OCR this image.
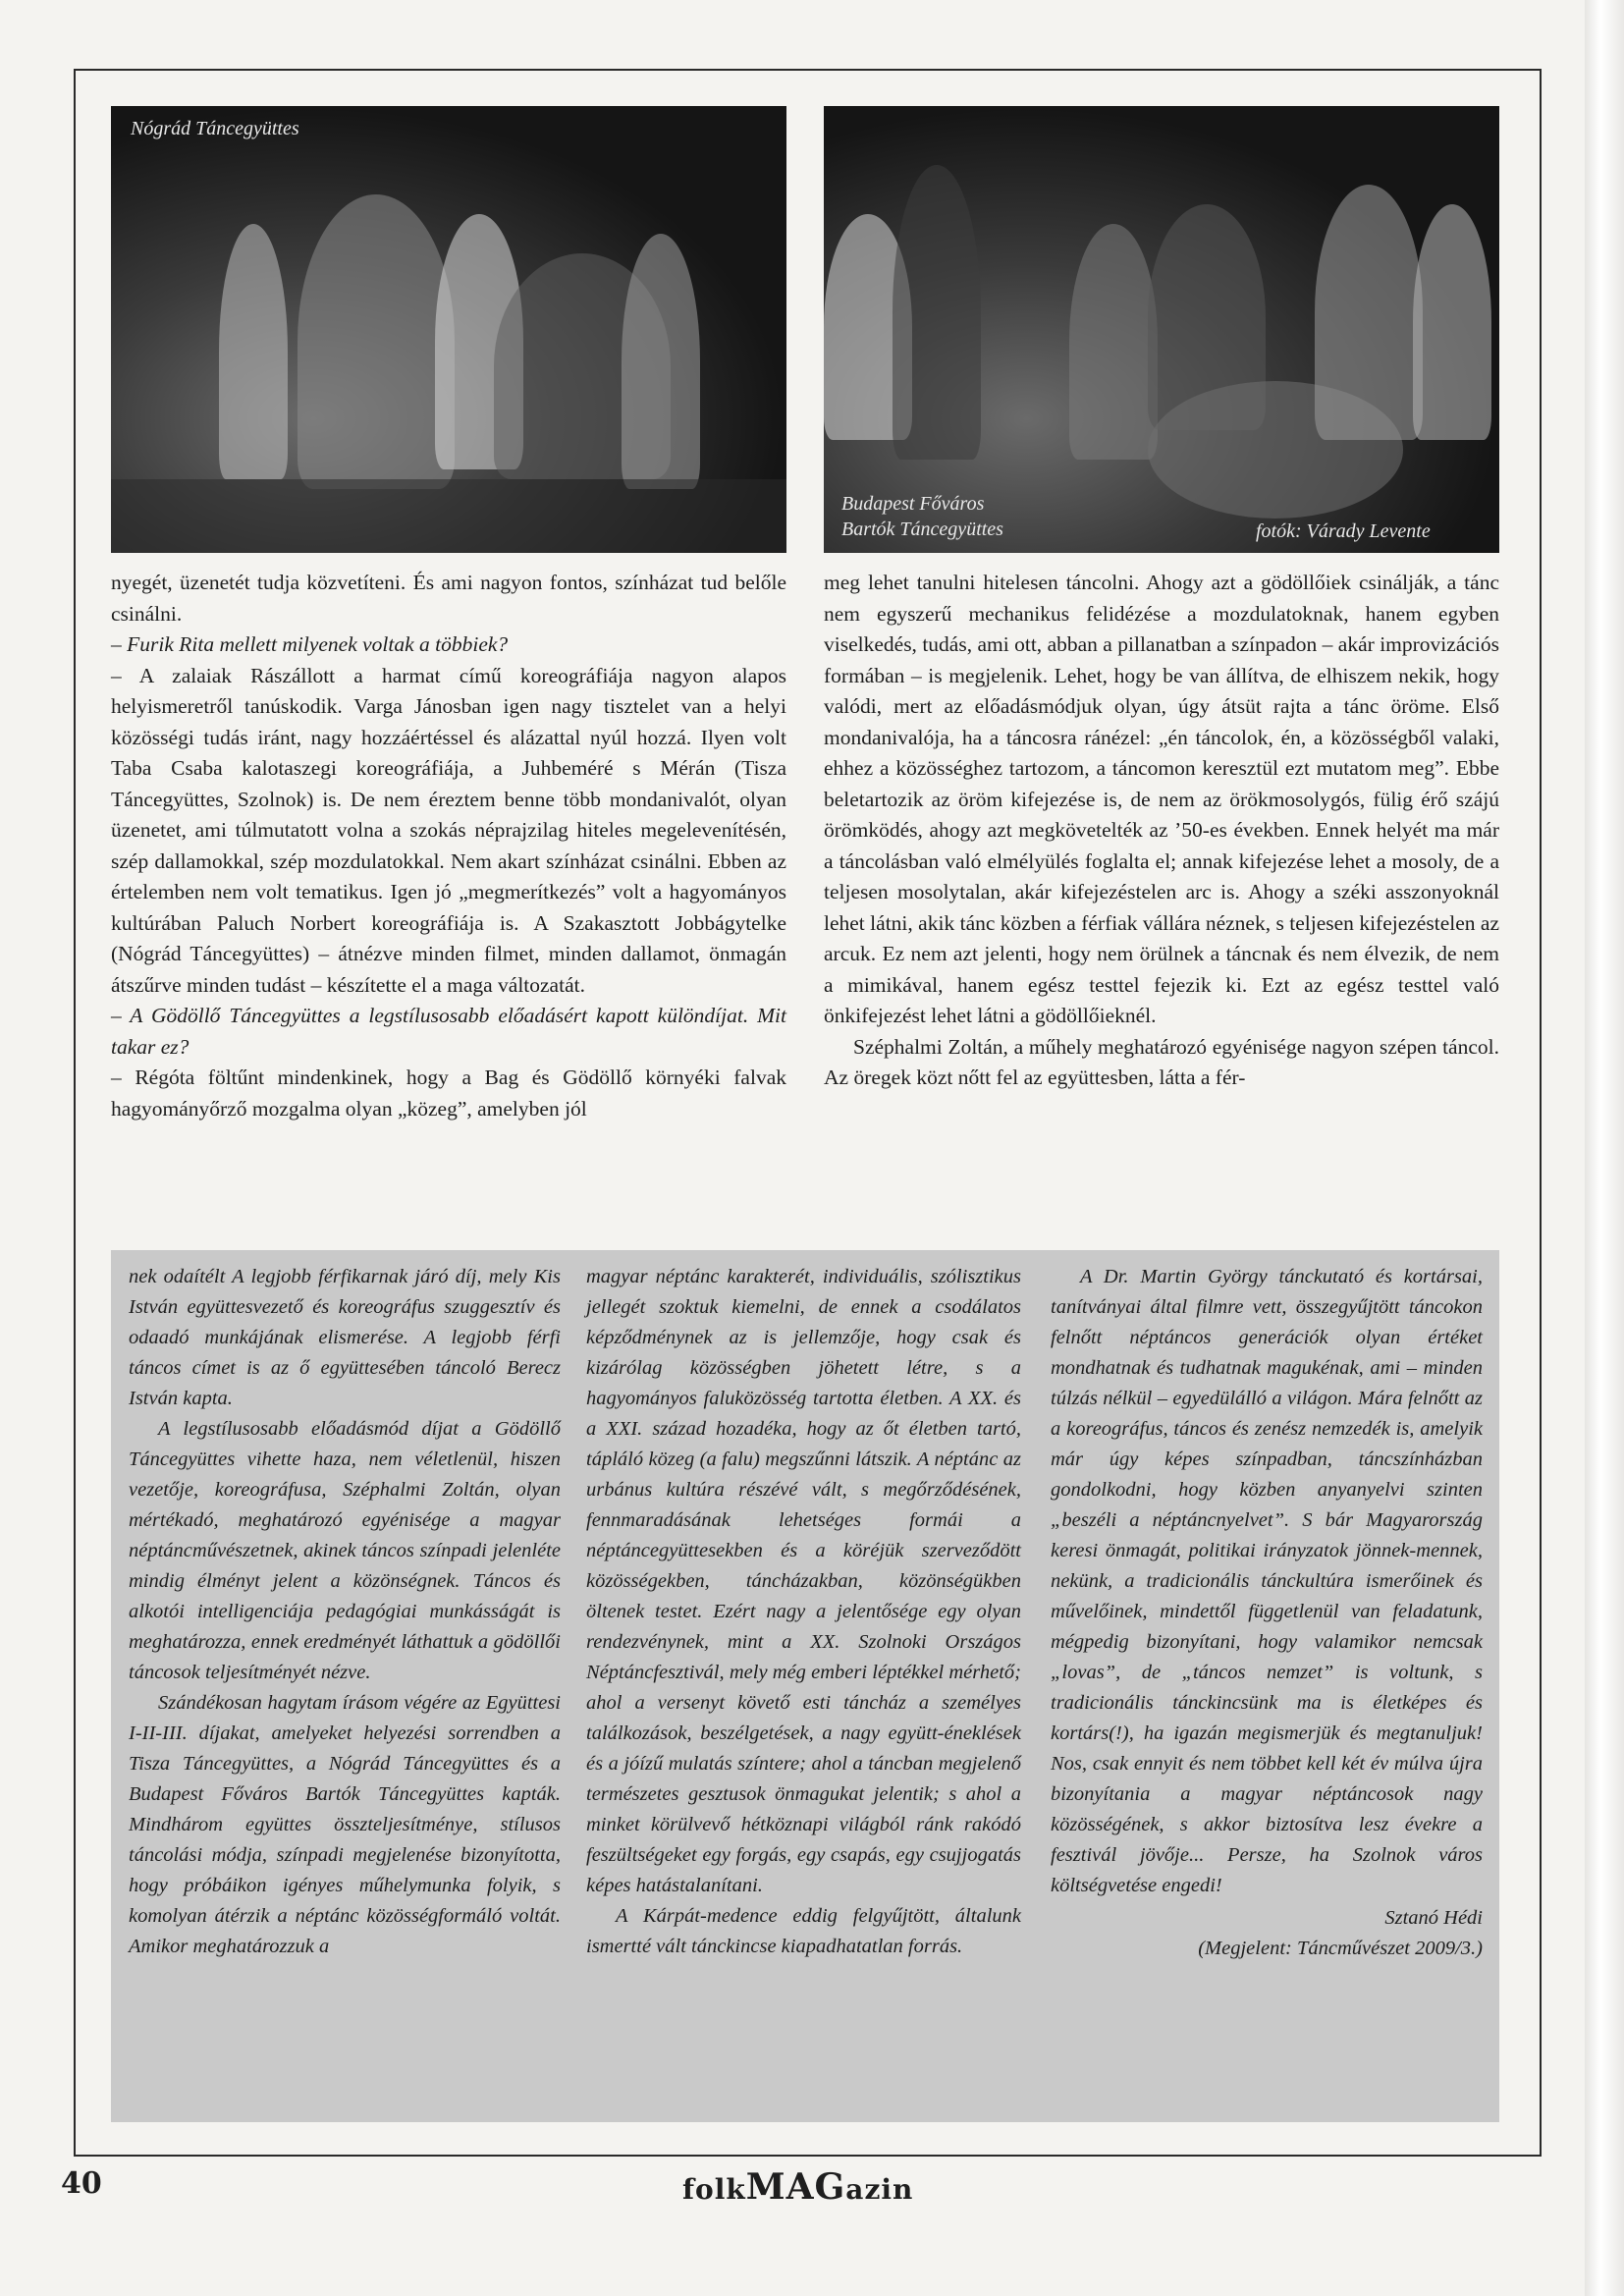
Nógrád Táncegyüttes
Budapest Főváros
Bartók Táncegyüttes	fotók: Várady Levente

nyegét, üzenetét tudja közvetíteni. És ami nagyon fontos, színházat tud belőle csinálni.

– Furik Rita mellett milyenek voltak a többiek?

– A zalaiak Rászállott a harmat című koreográfiája nagyon alapos helyismeretről tanúskodik. Varga Jánosban igen nagy tisztelet van a helyi közösségi tudás iránt, nagy hozzáértéssel és alázattal nyúl hozzá. Ilyen volt Taba Csaba kalotaszegi koreográfiája, a Juhbeméré s Mérán (Tisza Táncegyüttes, Szolnok) is. De nem éreztem benne több mondanivalót, olyan üzenetet, ami túlmutatott volna a szokás néprajzilag hiteles megelevenítésén, szép dallamokkal, szép mozdulatokkal. Nem akart színházat csinálni. Ebben az értelemben nem volt tematikus. Igen jó „megmerítkezés” volt a hagyományos kultúrában Paluch Norbert koreográfiája is. A Szakasztott Jobbágytelke (Nógrád Táncegyüttes) – átnézve minden filmet, minden dallamot, önmagán átszűrve minden tudást – készítette el a maga változatát.

– A Gödöllő Táncegyüttes a legstílusosabb előadásért kapott különdíjat. Mit takar ez?

– Régóta föltűnt mindenkinek, hogy a Bag és Gödöllő környéki falvak hagyományőrző mozgalma olyan „közeg”, amelyben jól

meg lehet tanulni hitelesen táncolni. Ahogy azt a gödöllőiek csinálják, a tánc nem egyszerű mechanikus felidézése a mozdulatoknak, hanem egyben viselkedés, tudás, ami ott, abban a pillanatban a színpadon – akár improvizációs formában – is megjelenik. Lehet, hogy be van állítva, de elhiszem nekik, hogy valódi, mert az előadásmódjuk olyan, úgy átsüt rajta a tánc öröme. Első mondanivalója, ha a táncosra ránézel: „én táncolok, én, a közösségből valaki, ehhez a közösséghez tartozom, a táncomon keresztül ezt mutatom meg”. Ebbe beletartozik az öröm kifejezése is, de nem az örökmosolygós, fülig érő szájú örömködés, ahogy azt megkövetelték az ’50-es években. Ennek helyét ma már a táncolásban való elmélyülés foglalta el; annak kifejezése lehet a mosoly, de a teljesen mosolytalan, akár kifejezéstelen arc is. Ahogy a széki asszonyoknál lehet látni, akik tánc közben a férfiak vállára néznek, s teljesen kifejezéstelen az arcuk. Ez nem azt jelenti, hogy nem örülnek a táncnak és nem élvezik, de nem a mimikával, hanem egész testtel fejezik ki. Ezt az egész testtel való önkifejezést lehet látni a gödöllőieknél.

Széphalmi Zoltán, a műhely meghatározó egyénisége nagyon szépen táncol. Az öregek közt nőtt fel az együttesben, látta a fér-

nek odaítélt A legjobb férfikarnak járó díj, mely Kis István együttesvezető és koreográfus szuggesztív és odaadó munkájának elismerése. A legjobb férfi táncos címet is az ő együttesében táncoló Berecz István kapta.

A legstílusosabb előadásmód díjat a Gödöllő Táncegyüttes vihette haza, nem véletlenül, hiszen vezetője, koreográfusa, Széphalmi Zoltán, olyan mértékadó, meghatározó egyénisége a magyar néptáncművészetnek, akinek táncos színpadi jelenléte mindig élményt jelent a közönségnek. Táncos és alkotói intelligenciája pedagógiai munkásságát is meghatározza, ennek eredményét láthattuk a gödöllői táncosok teljesítményét nézve.

Szándékosan hagytam írásom végére az Együttesi I-II-III. díjakat, amelyeket helyezési sorrendben a Tisza Táncegyüttes, a Nógrád Táncegyüttes és a Budapest Főváros Bartók Táncegyüttes kapták. Mindhárom együttes összteljesítménye, stílusos táncolási módja, színpadi megjelenése bizonyította, hogy próbáikon igényes műhelymunka folyik, s komolyan átérzik a néptánc közösségformáló voltát. Amikor meghatározzuk a

magyar néptánc karakterét, individuális, szólisztikus jellegét szoktuk kiemelni, de ennek a csodálatos képződménynek az is jellemzője, hogy csak és kizárólag közösségben jöhetett létre, s a hagyományos faluközösség tartotta életben. A XX. és a XXI. század hozadéka, hogy az őt életben tartó, tápláló közeg (a falu) megszűnni látszik. A néptánc az urbánus kultúra részévé vált, s megőrződésének, fennmaradásának lehetséges formái a néptáncegyüttesekben és a köréjük szerveződött közösségekben, táncházakban, közönségükben öltenek testet. Ezért nagy a jelentősége egy olyan rendezvénynek, mint a XX. Szolnoki Országos Néptáncfesztivál, mely még emberi léptékkel mérhető; ahol a versenyt követő esti táncház a személyes találkozások, beszélgetések, a nagy együtt-éneklések és a jóízű mulatás színtere; ahol a táncban megjelenő természetes gesztusok önmagukat jelentik; s ahol a minket körülvevő hétköznapi világból ránk rakódó feszültségeket egy forgás, egy csapás, egy csujjogatás képes hatástalanítani.

A Kárpát-medence eddig felgyűjtött, általunk ismertté vált tánckincse kiapadhatatlan forrás.

A Dr. Martin György tánckutató és kortársai, tanítványai által filmre vett, összegyűjtött táncokon felnőtt néptáncos generációk olyan értéket mondhatnak és tudhatnak magukénak, ami – minden túlzás nélkül – egyedülálló a világon. Mára felnőtt az a koreográfus, táncos és zenész nemzedék is, amelyik már úgy képes színpadban, táncszínházban gondolkodni, hogy közben anyanyelvi szinten „beszéli a néptáncnyelvet”. S bár Magyarország keresi önmagát, politikai irányzatok jönnek-mennek, nekünk, a tradicionális tánckultúra ismerőinek és művelőinek, mindettől függetlenül van feladatunk, mégpedig bizonyítani, hogy valamikor nemcsak „lovas”, de „táncos nemzet” is voltunk, s tradicionális tánckincsünk ma is életképes és kortárs(!), ha igazán megismerjük és megtanuljuk! Nos, csak ennyit és nem többet kell két év múlva újra bizonyítania a magyar néptáncosok nagy közösségének, s akkor biztosítva lesz évekre a fesztivál jövője... Persze, ha Szolnok város költségvetése engedi!

Sztanó Hédi

(Megjelent: Táncművészet 2009/3.)

40	folkMAGazin
